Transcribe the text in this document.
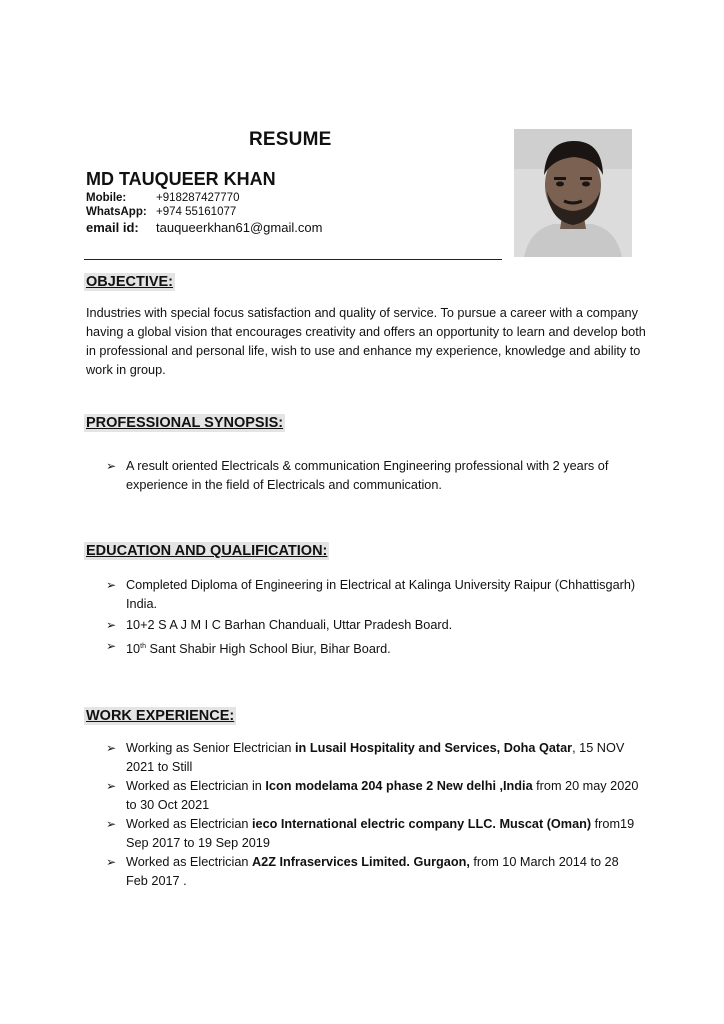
RESUME
MD TAUQUEER KHAN
Mobile:	+918287427770
WhatsApp: +974 55161077
email id: tauqueerkhan61@gmail.com
OBJECTIVE:
Industries with special focus satisfaction and quality of service. To pursue a career with a company having a global vision that encourages creativity and offers an opportunity to learn and develop both in professional and personal life, wish to use and enhance my experience, knowledge and ability to work in group.
PROFESSIONAL SYNOPSIS:
➢ A result oriented Electricals & communication Engineering professional with 2 years of experience in the field of Electricals and communication.
EDUCATION AND QUALIFICATION:
➢ Completed Diploma of Engineering in Electrical at Kalinga University Raipur (Chhattisgarh) India.
➢ 10+2 S A J M I C Barhan Chanduali, Uttar Pradesh Board.
➢ 10th Sant Shabir High School Biur, Bihar Board.
WORK EXPERIENCE:
➢ Working as Senior Electrician in Lusail Hospitality and Services, Doha Qatar, 15 NOV 2021 to Still
➢ Worked as Electrician in Icon modelama 204 phase 2 New delhi ,India from 20 may 2020 to 30 Oct 2021
➢ Worked as Electrician ieco International electric company LLC. Muscat (Oman) from19 Sep 2017 to 19 Sep 2019
➢ Worked as Electrician A2Z Infraservices Limited. Gurgaon, from 10 March 2014 to 28 Feb 2017 .
